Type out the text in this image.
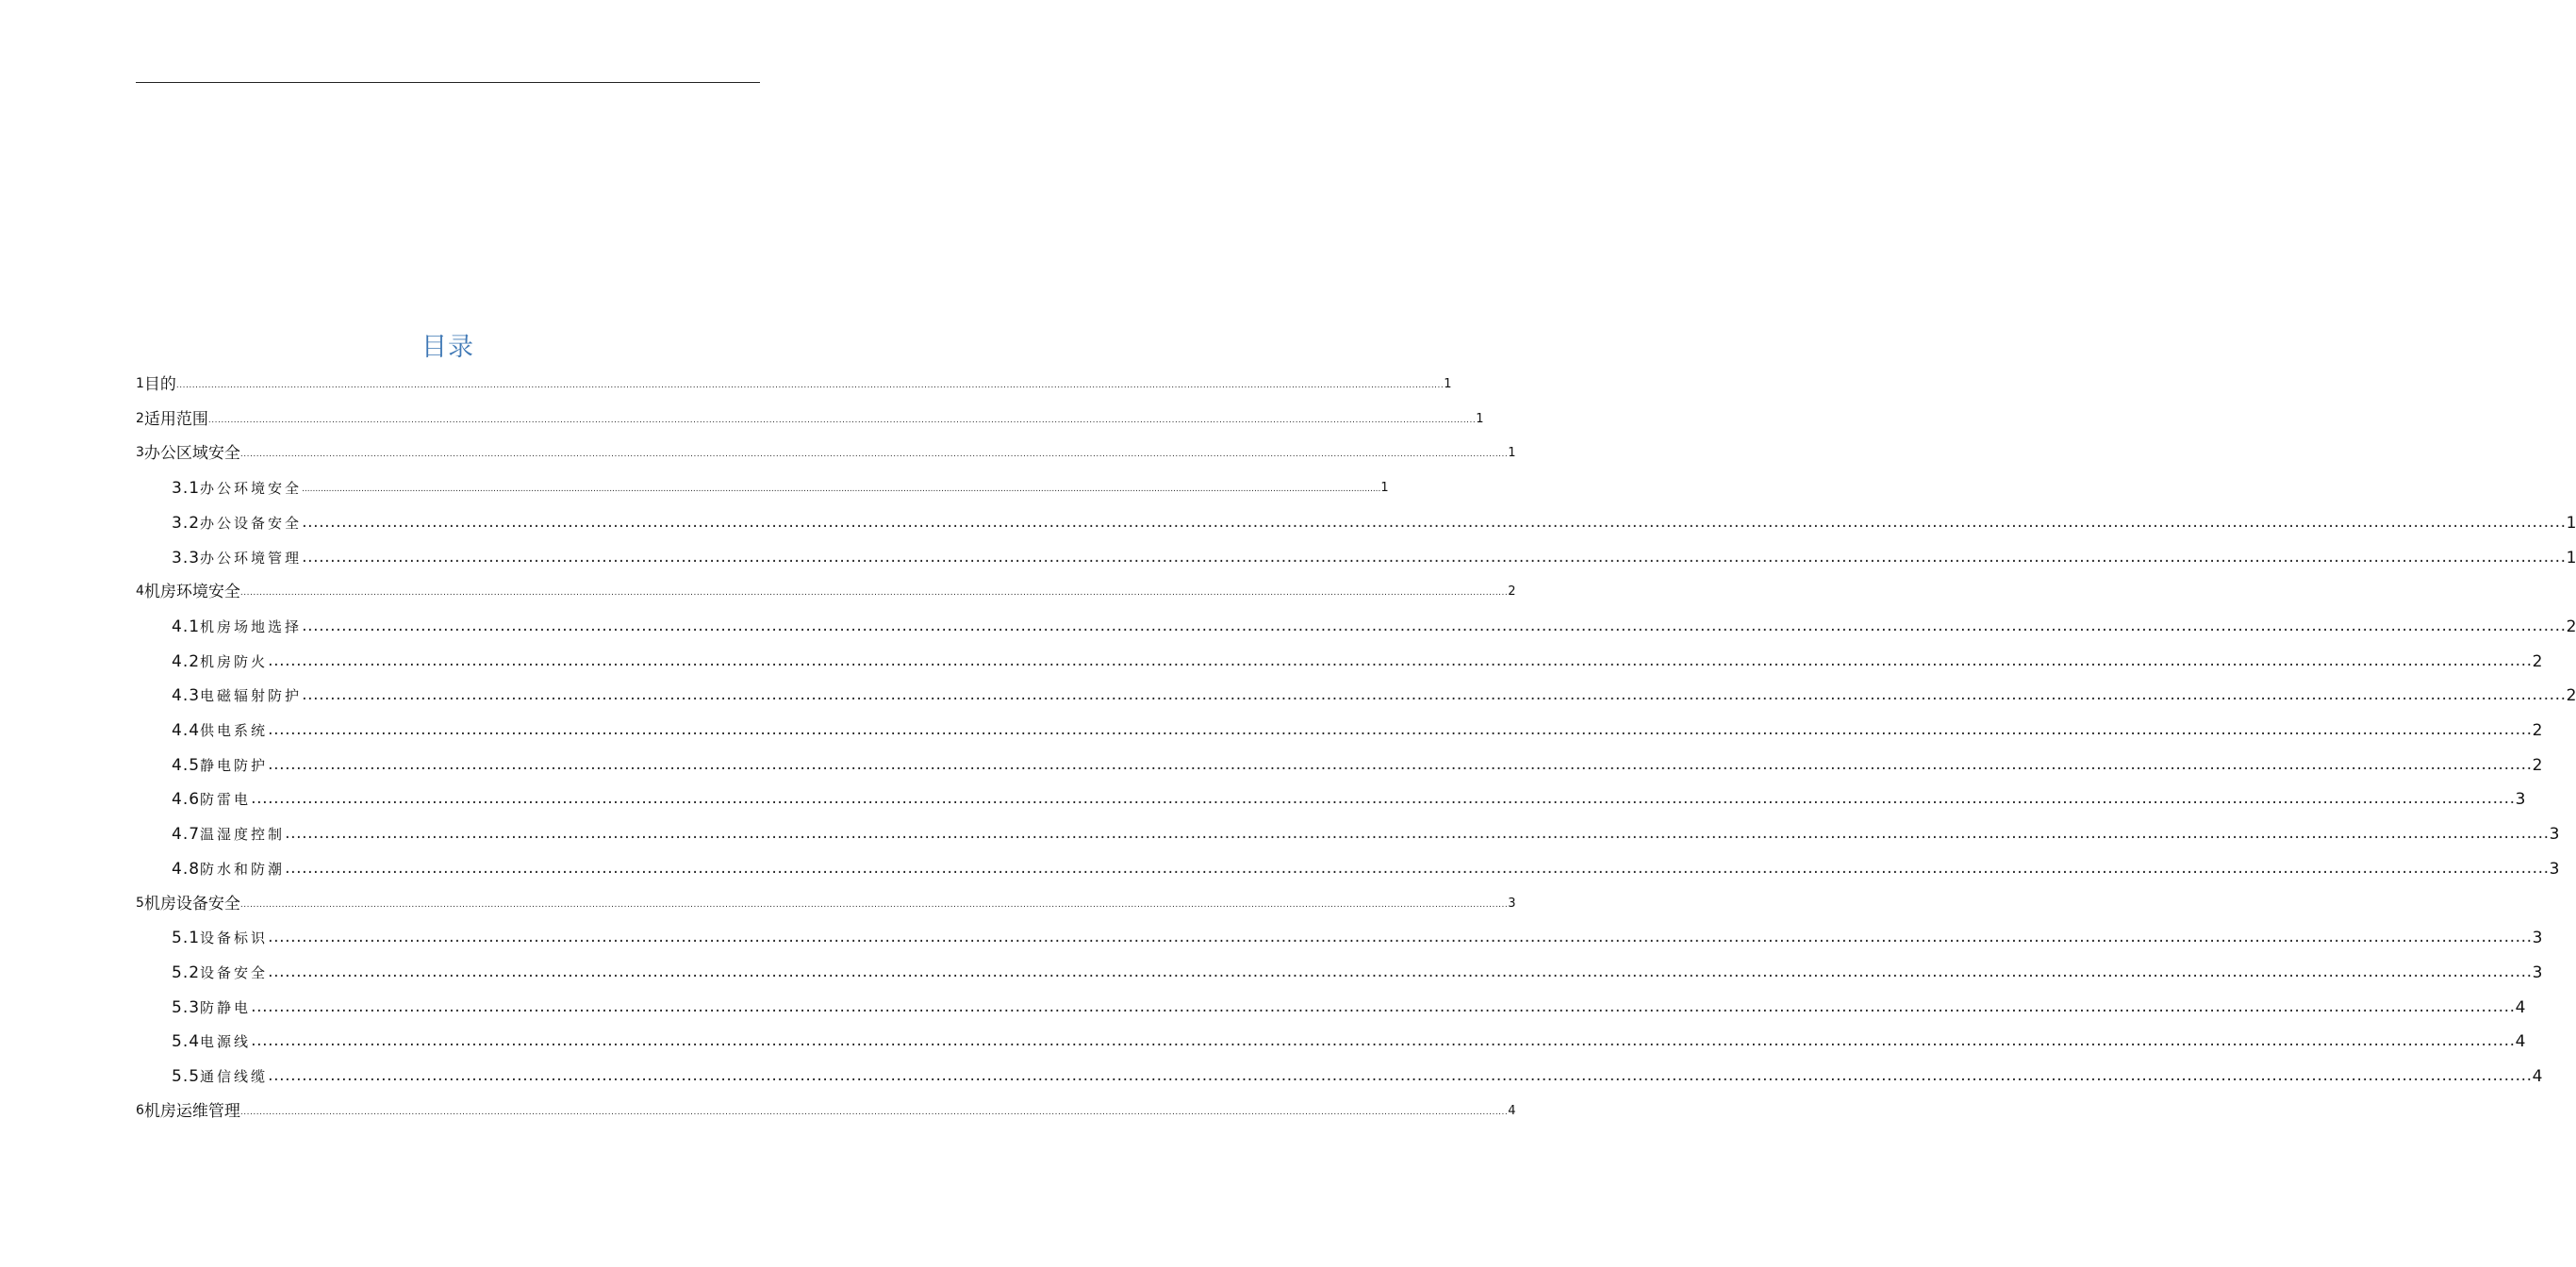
目录
1 目的 ................................................................................................................................................................................................................................................................................................................................................................................................................ 1
2 适用范围 ................................................................................................................................................................................................................................................................................................................................................................................................................ 1
3 办公区域安全 ................................................................................................................................................................................................................................................................................................................................................................................................................ 1
3.1 办公环境安全 ................................................................................................................................................................................................................................................................................................................................................................................................................ 1
3.2 办公设备安全 ................................................................................................................................................................................................................................................................................................................................................................................................................ 1
3.3 办公环境管理 ................................................................................................................................................................................................................................................................................................................................................................................................................ 1
4 机房环境安全 ................................................................................................................................................................................................................................................................................................................................................................................................................ 2
4.1 机房场地选择 ................................................................................................................................................................................................................................................................................................................................................................................................................ 2
4.2 机房防火 ................................................................................................................................................................................................................................................................................................................................................................................................................ 2
4.3 电磁辐射防护 ................................................................................................................................................................................................................................................................................................................................................................................................................ 2
4.4 供电系统 ................................................................................................................................................................................................................................................................................................................................................................................................................ 2
4.5 静电防护 ................................................................................................................................................................................................................................................................................................................................................................................................................ 2
4.6 防雷电 ................................................................................................................................................................................................................................................................................................................................................................................................................ 3
4.7 温湿度控制 ................................................................................................................................................................................................................................................................................................................................................................................................................ 3
4.8 防水和防潮 ................................................................................................................................................................................................................................................................................................................................................................................................................ 3
5 机房设备安全 ................................................................................................................................................................................................................................................................................................................................................................................................................ 3
5.1 设备标识 ................................................................................................................................................................................................................................................................................................................................................................................................................ 3
5.2 设备安全 ................................................................................................................................................................................................................................................................................................................................................................................................................ 3
5.3 防静电 ................................................................................................................................................................................................................................................................................................................................................................................................................ 4
5.4 电源线 ................................................................................................................................................................................................................................................................................................................................................................................................................ 4
5.5 通信线缆 ................................................................................................................................................................................................................................................................................................................................................................................................................ 4
6 机房运维管理 ................................................................................................................................................................................................................................................................................................................................................................................................................ 4
